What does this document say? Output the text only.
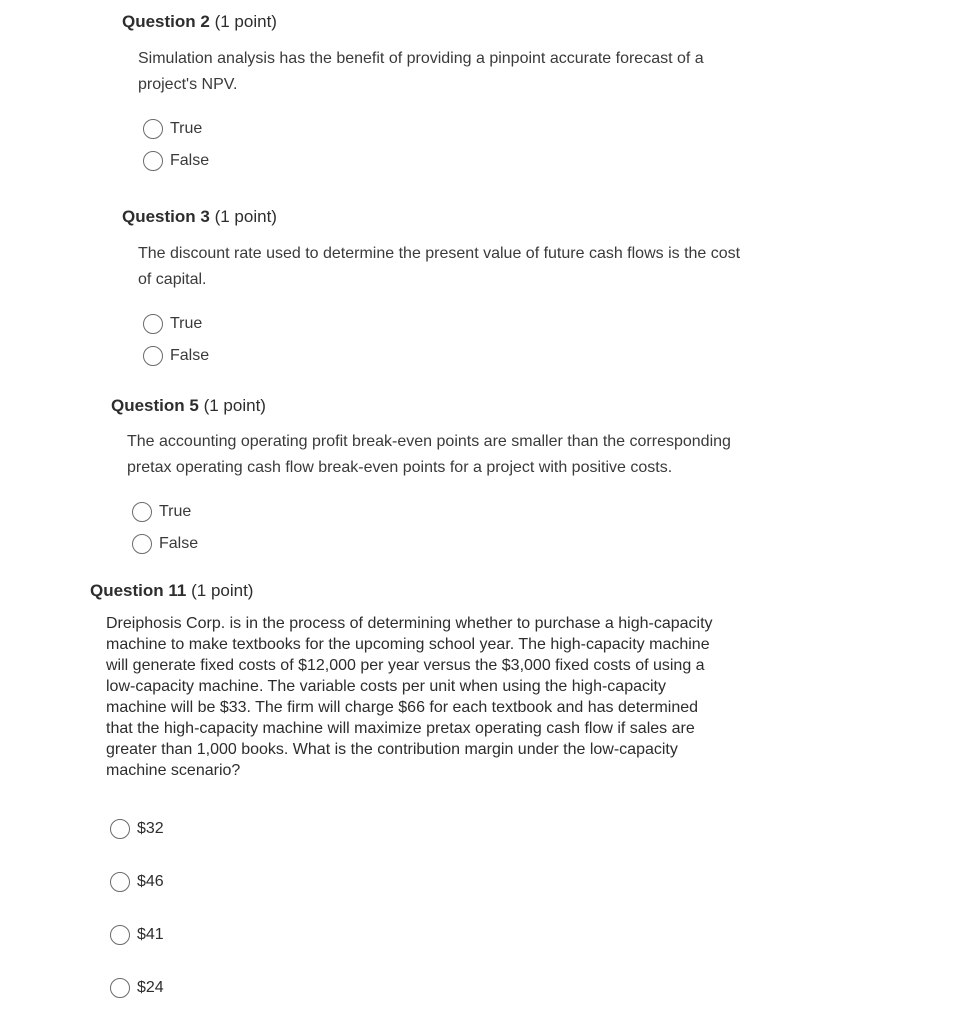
Question 2 (1 point)

Simulation analysis has the benefit of providing a pinpoint accurate forecast of a

project's NPV.

True
False

Question 3 (1 point)

The discount rate used to determine the present value of future cash flows is the cost

of capital.

True
False

Question 5 (1 point)

The accounting operating profit break-even points are smaller than the corresponding

pretax operating cash flow break-even points for a project with positive costs.

True
False

Question 11 (1 point)

Dreiphosis Corp. is in the process of determining whether to purchase a high-capacity

machine to make textbooks for the upcoming school year. The high-capacity machine

will generate fixed costs of $12,000 per year versus the $3,000 fixed costs of using a

low-capacity machine. The variable costs per unit when using the high-capacity

machine will be $33. The firm will charge $66 for each textbook and has determined

that the high-capacity machine will maximize pretax operating cash flow if sales are

greater than 1,000 books. What is the contribution margin under the low-capacity

machine scenario?

$32
$46
$41
$24
